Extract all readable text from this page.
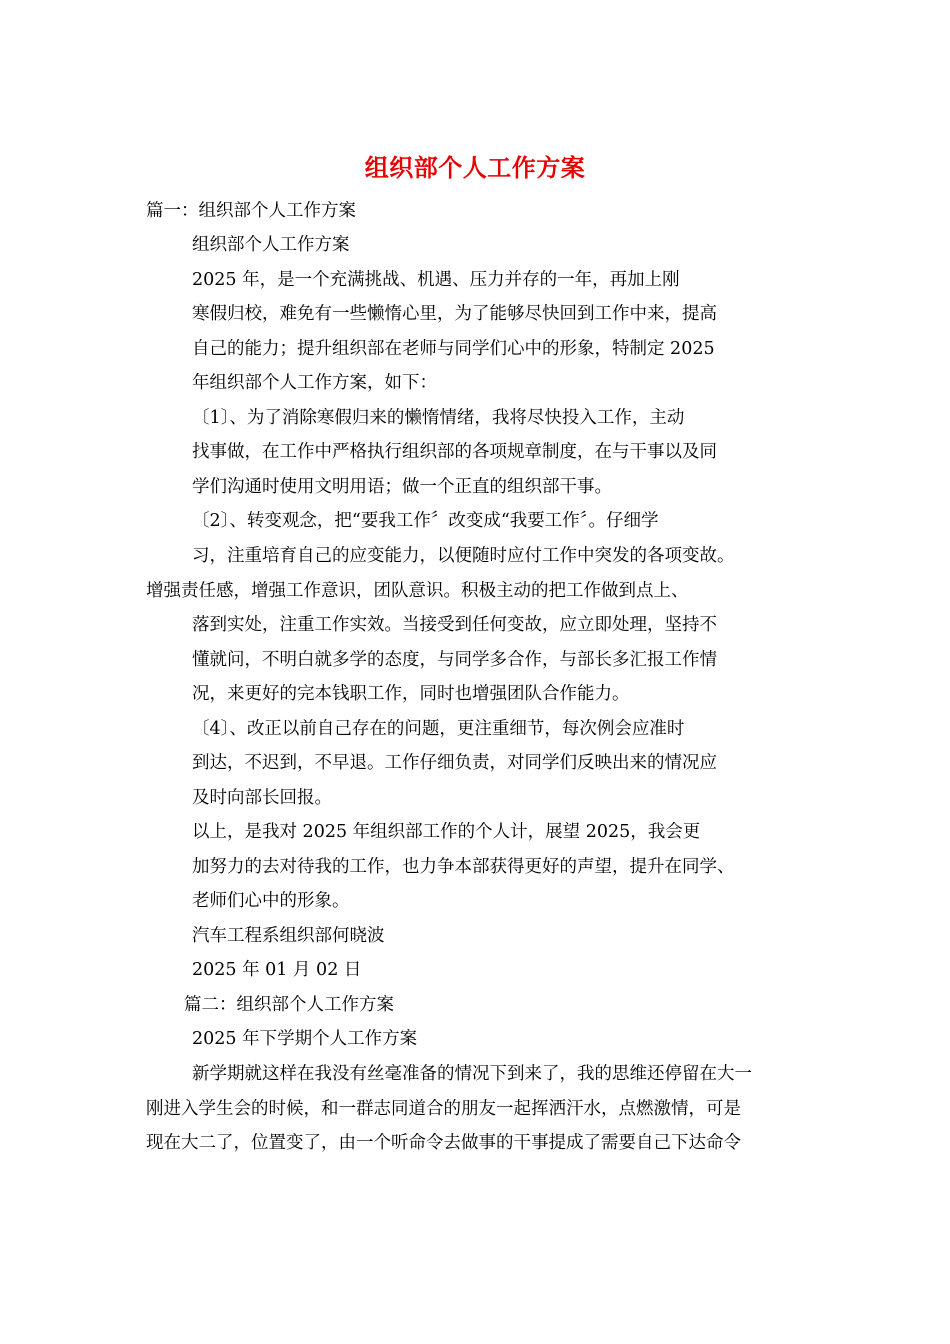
组织部个人工作方案
篇一：组织部个人工作方案
组织部个人工作方案
2025 年，是一个充满挑战、机遇、压力并存的一年，再加上刚
寒假归校，难免有一些懒惰心里，为了能够尽快回到工作中来，提高
自己的能力；提升组织部在老师与同学们心中的形象，特制定 2025
年组织部个人工作方案，如下：
〔1〕、为了消除寒假归来的懒惰情绪，我将尽快投入工作，主动
找事做，在工作中严格执行组织部的各项规章制度，在与干事以及同
学们沟通时使用文明用语；做一个正直的组织部干事。
〔2〕、转变观念，把“要我工作〞改变成“我要工作〞。仔细学
习，注重培育自己的应变能力，以便随时应付工作中突发的各项变故。
增强责任感，增强工作意识，团队意识。积极主动的把工作做到点上、
落到实处，注重工作实效。当接受到任何变故，应立即处理，坚持不
懂就问，不明白就多学的态度，与同学多合作，与部长多汇报工作情
况，来更好的完本钱职工作，同时也增强团队合作能力。
〔4〕、改正以前自己存在的问题，更注重细节，每次例会应准时
到达，不迟到，不早退。工作仔细负责，对同学们反映出来的情况应
及时向部长回报。
以上，是我对 2025 年组织部工作的个人计，展望 2025，我会更
加努力的去对待我的工作，也力争本部获得更好的声望，提升在同学、
老师们心中的形象。
汽车工程系组织部何晓波
2025 年 01 月 02 日
篇二：组织部个人工作方案
2025 年下学期个人工作方案
新学期就这样在我没有丝毫准备的情况下到来了，我的思维还停留在大一
刚进入学生会的时候，和一群志同道合的朋友一起挥洒汗水，点燃激情，可是
现在大二了，位置变了，由一个听命令去做事的干事提成了需要自己下达命令
